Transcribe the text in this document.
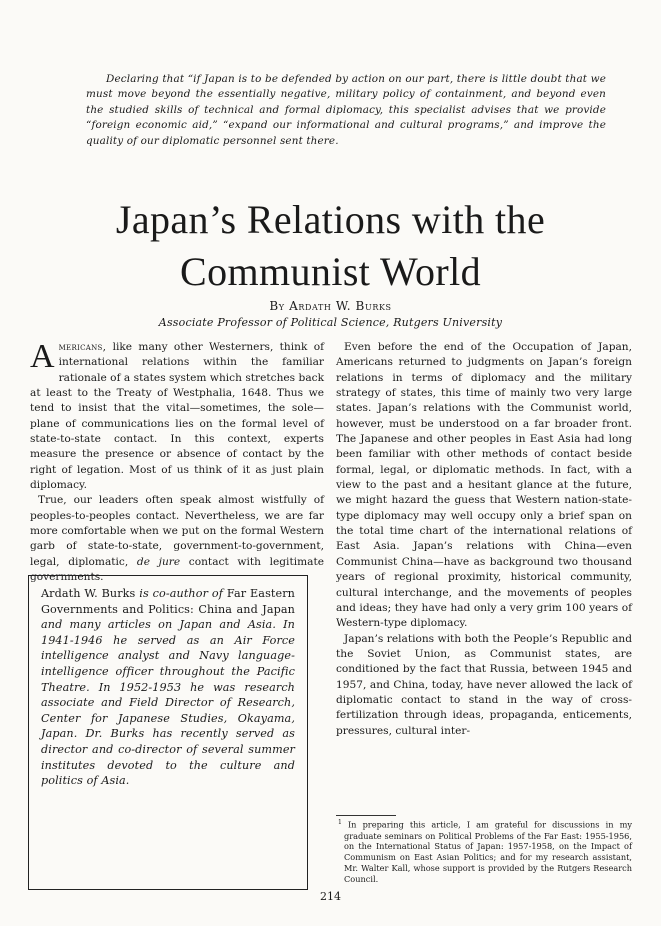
Declaring that “if Japan is to be defended by action on our part, there is little doubt that we must move beyond the essentially negative, military policy of containment, and beyond even the studied skills of technical and formal diplomacy, this specialist advises that we provide “foreign economic aid,” “expand our informational and cultural programs,” and improve the quality of our diplomatic personnel sent there.
Japan’s Relations with the
Communist World
By Ardath W. Burks
Associate Professor of Political Science, Rutgers University

Americans, like many other Westerners, think of international relations within the familiar rationale of a states system which stretches back at least to the Treaty of Westphalia, 1648. Thus we tend to insist that the vital—sometimes, the sole—plane of communications lies on the formal level of state-to-state contact. In this context, experts measure the presence or absence of contact by the right of legation. Most of us think of it as just plain diplomacy.

True, our leaders often speak almost wistfully of peoples-to-peoples contact. Nevertheless, we are far more comfortable when we put on the formal Western garb of state-to-state, government-to-government, legal, diplomatic, de jure contact with legitimate governments.

Ardath W. Burks is co-author of Far Eastern Governments and Politics: China and Japan and many articles on Japan and Asia. In 1941-1946 he served as an Air Force intelligence analyst and Navy language-intelligence officer throughout the Pacific Theatre. In 1952-1953 he was research associate and Field Director of Research, Center for Japanese Studies, Okayama, Japan. Dr. Burks has recently served as director and co-director of several summer institutes devoted to the culture and politics of Asia.

Even before the end of the Occupation of Japan, Americans returned to judgments on Japan’s foreign relations in terms of diplomacy and the military strategy of states, this time of mainly two very large states. Japan’s relations with the Communist world, however, must be understood on a far broader front. The Japanese and other peoples in East Asia had long been familiar with other methods of contact beside formal, legal, or diplomatic methods. In fact, with a view to the past and a hesitant glance at the future, we might hazard the guess that Western nation-state-type diplomacy may well occupy only a brief span on the total time chart of the international relations of East Asia. Japan’s relations with China—even Communist China—have as background two thousand years of regional proximity, historical community, cultural interchange, and the movements of peoples and ideas; they have had only a very grim 100 years of Western-type diplomacy.

Japan’s relations with both the People’s Republic and the Soviet Union, as Communist states, are conditioned by the fact that Russia, between 1945 and 1957, and China, today, have never allowed the lack of diplomatic contact to stand in the way of cross-fertilization through ideas, propaganda, enticements, pressures, cultural inter-

$^1$ In preparing this article, I am grateful for discussions in my graduate seminars on Political Problems of the Far East: 1955-1956, on the International Status of Japan: 1957-1958, on the Impact of Communism on East Asian Politics; and for my research assistant, Mr. Walter Kall, whose support is provided by the Rutgers Research Council.
214
